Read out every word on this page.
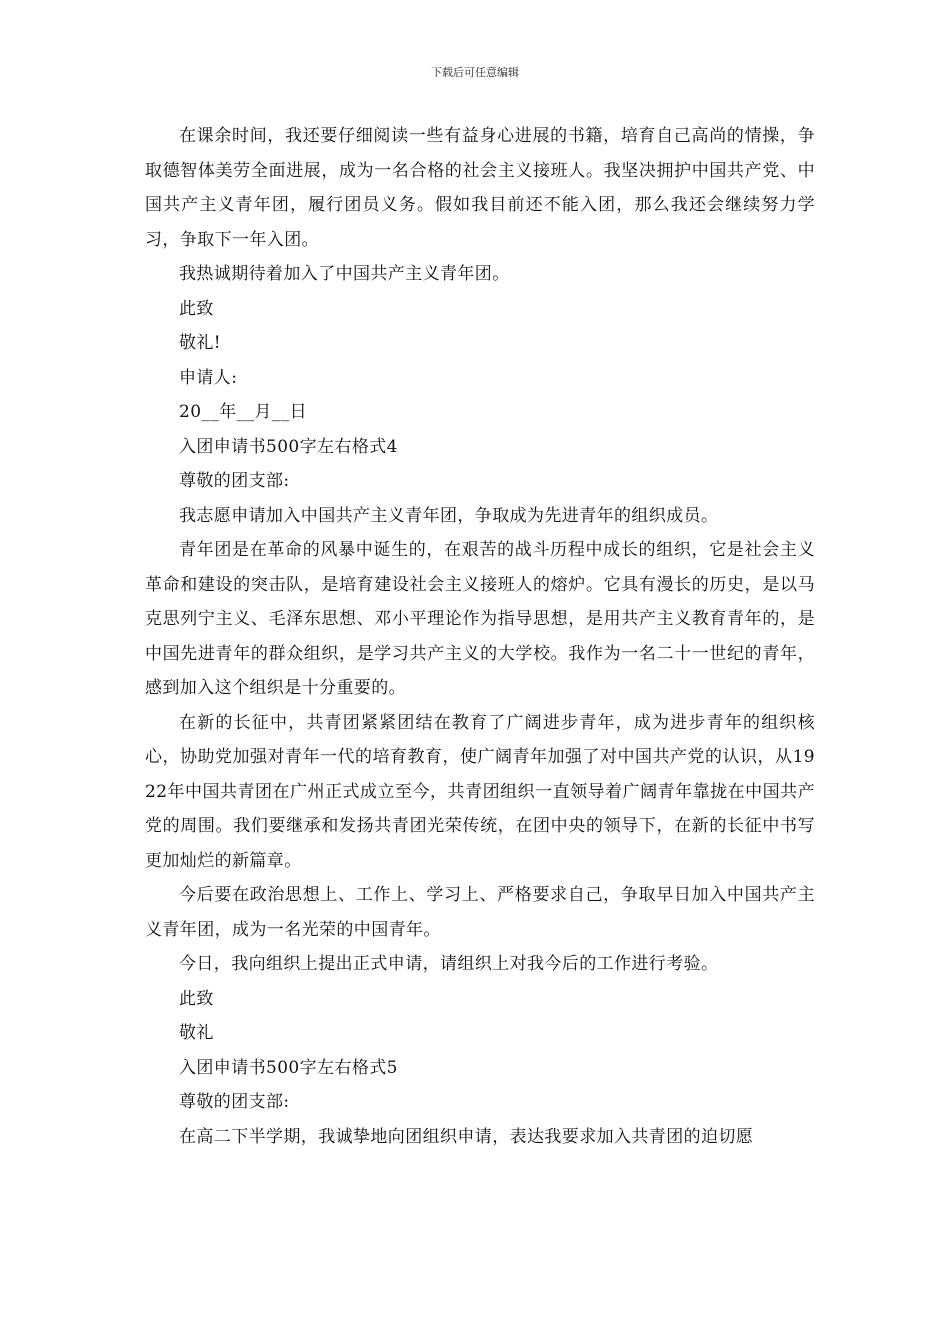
下载后可任意编辑

在课余时间，我还要仔细阅读一些有益身心进展的书籍，培育自己高尚的情操，争取德智体美劳全面进展，成为一名合格的社会主义接班人。我坚决拥护中国共产党、中国共产主义青年团，履行团员义务。假如我目前还不能入团，那么我还会继续努力学习，争取下一年入团。

我热诚期待着加入了中国共产主义青年团。

此致

敬礼!

申请人:

20__年__月__日

入团申请书500字左右格式4

尊敬的团支部:

我志愿申请加入中国共产主义青年团，争取成为先进青年的组织成员。

青年团是在革命的风暴中诞生的，在艰苦的战斗历程中成长的组织，它是社会主义革命和建设的突击队，是培育建设社会主义接班人的熔炉。它具有漫长的历史，是以马克思列宁主义、毛泽东思想、邓小平理论作为指导思想，是用共产主义教育青年的，是中国先进青年的群众组织，是学习共产主义的大学校。我作为一名二十一世纪的青年，感到加入这个组织是十分重要的。

在新的长征中，共青团紧紧团结在教育了广阔进步青年，成为进步青年的组织核心，协助党加强对青年一代的培育教育，使广阔青年加强了对中国共产党的认识，从1922年中国共青团在广州正式成立至今，共青团组织一直领导着广阔青年靠拢在中国共产党的周围。我们要继承和发扬共青团光荣传统，在团中央的领导下，在新的长征中书写更加灿烂的新篇章。

今后要在政治思想上、工作上、学习上、严格要求自己，争取早日加入中国共产主义青年团，成为一名光荣的中国青年。

今日，我向组织上提出正式申请，请组织上对我今后的工作进行考验。

此致

敬礼

入团申请书500字左右格式5

尊敬的团支部:

在高二下半学期，我诚挚地向团组织申请，表达我要求加入共青团的迫切愿
